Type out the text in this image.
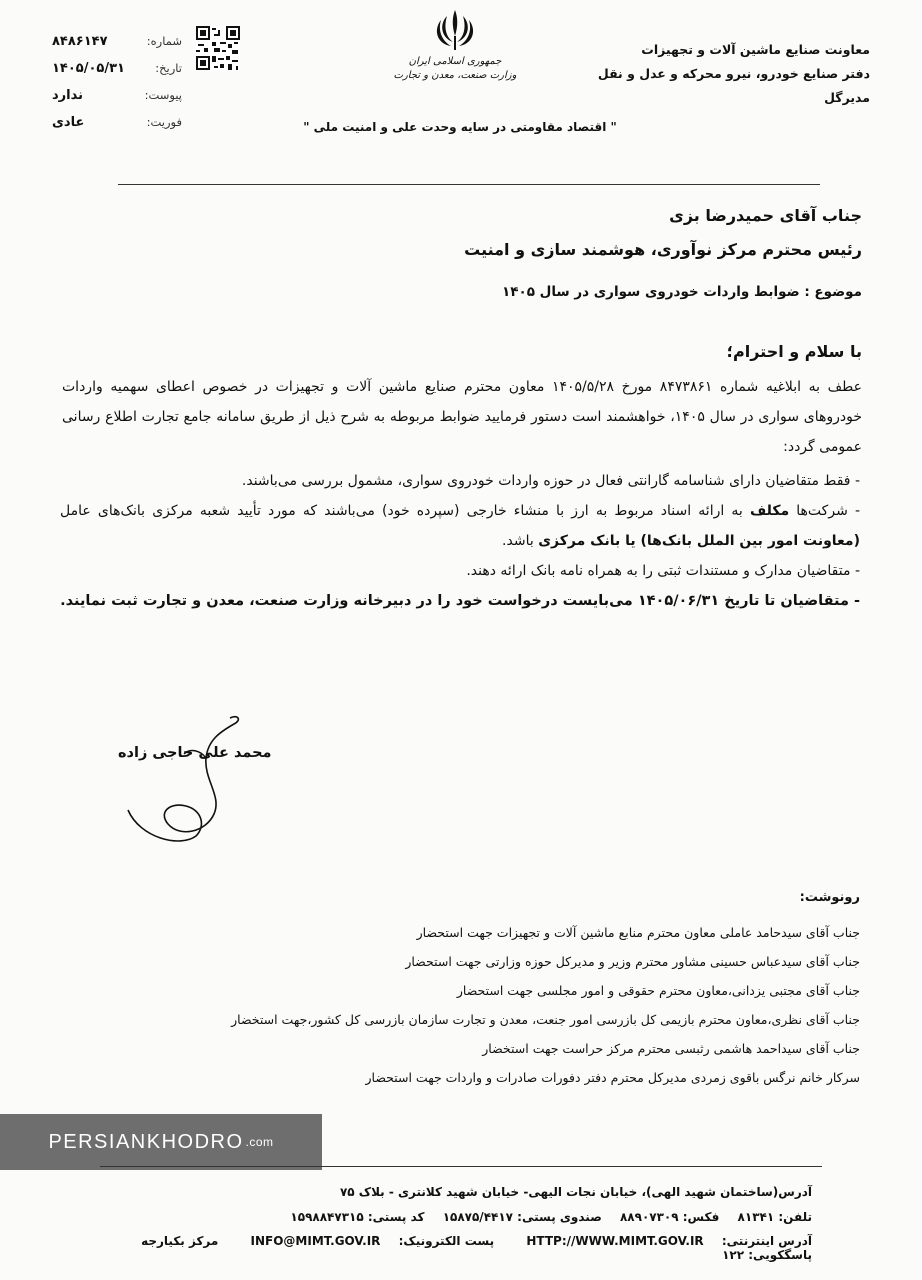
معاونت صنایع ماشین آلات و تجهیزات
دفتر صنایع خودرو، نیرو محرکه و عدل و نقل
مدیرگل
جمهوری اسلامی ایران
وزارت صنعت، معدن و تجارت
شماره:
۸۴۸۶۱۴۷
تاریخ:
۱۴۰۵/۰۵/۳۱
پیوست:
ندارد
فوریت:
عادی	" اقتصاد مقاومتی در سایه وحدت علی و امنیت ملی "
جناب آقای حمیدرضا بزی
رئیس محترم مرکز نوآوری، هوشمند سازی و امنیت
موضوع : ضوابط واردات خودروی سواری در سال ۱۴۰۵
با سلام و احترام؛
عطف به ابلاغیه شماره ۸۴۷۳۸۶۱ مورخ ۱۴۰۵/۵/۲۸ معاون محترم صنایع ماشین آلات و تجهیزات در خصوص اعطای سهمیه واردات خودروهای سواری در سال ۱۴۰۵، خواهشمند است دستور فرمایید ضوابط مربوطه به شرح ذیل از طریق سامانه جامع تجارت اطلاع رسانی عمومی گردد:
- فقط متقاضیان دارای شناسامه گارانتی فعال در حوزه واردات خودروی سواری، مشمول بررسی می‌باشند.
- شرکت‌ها مکلف به ارائه اسناد مربوط به ارز با منشاء خارجی (سپرده خود) می‌باشند که مورد تأیید شعبه مرکزی بانک‌های عامل (معاونت امور بین الملل بانک‌ها) یا بانک مرکزی باشد.
- متقاضیان مدارک و مستندات ثبتی را به همراه نامه بانک ارائه دهند.
- متقاضیان تا تاریخ ۱۴۰۵/۰۶/۳۱ می‌بایست درخواست خود را در دبیرخانه وزارت صنعت، معدن و تجارت ثبت نمایند.
محمد علی حاجی زاده
رونوشت:
جناب آقای سیدحامد عاملی معاون محترم منابع ماشین آلات و تجهیزات جهت استحضار
جناب آقای سیدعباس حسینی مشاور محترم وزیر و مدیرکل حوزه وزارتی جهت استحضار
جناب آقای مجتبی یزدانی،معاون محترم حقوقی و امور مجلسی جهت استحضار
جناب آقای نظری،معاون محترم بازیمی کل بازرسی امور جنعت، معدن و تجارت سازمان بازرسی کل کشور،جهت استخضار
جناب آقای سیداحمد هاشمی رثبسی محترم مرکز حراست جهت استخضار
سرکار خانم نرگس باقوی زمردی مدیرکل محترم دفتر دفورات صادرات و واردات جهت استحضار
PERSIANKHODRO .com
آدرس(ساختمان شهید الهی)، خیابان نجات الیهی- خیابان شهید کلانتری - بلاک ۷۵
تلفن: ۸۱۳۴۱ فکس: ۸۸۹۰۷۳۰۹ صندوی پستی: ۱۵۸۷۵/۴۴۱۷ کد پستی: ۱۵۹۸۸۴۷۳۱۵
آدرس اینترنتی: HTTP://WWW.MIMT.GOV.IR پست الکترونیک: INFO@MIMT.GOV.IR مرکز بکیارجه پاسگکویی: ۱۲۲
